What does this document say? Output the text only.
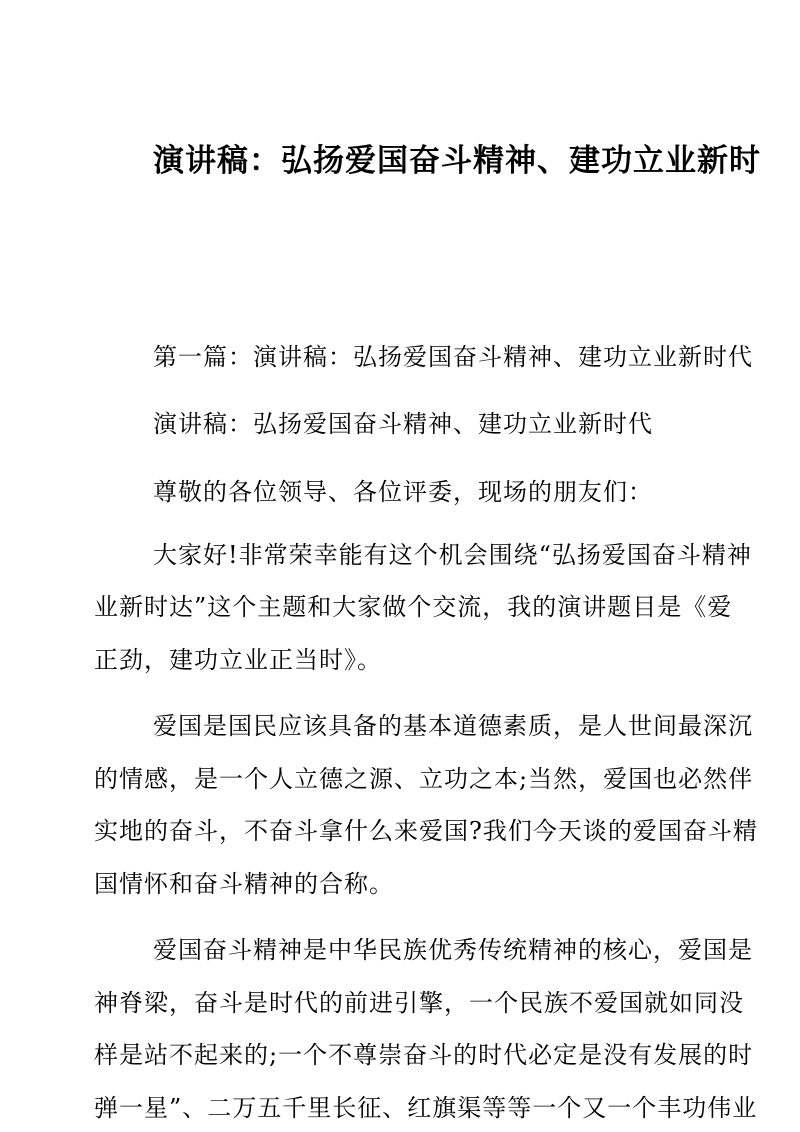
演讲稿：弘扬爱国奋斗精神、建功立业新时
第一篇：演讲稿：弘扬爱国奋斗精神、建功立业新时代
演讲稿：弘扬爱国奋斗精神、建功立业新时代
尊敬的各位领导、各位评委，现场的朋友们：
大家好!非常荣幸能有这个机会围绕“弘扬爱国奋斗精神
业新时达”这个主题和大家做个交流，我的演讲题目是《爱
正劲，建功立业正当时》。
爱国是国民应该具备的基本道德素质，是人世间最深沉
的情感，是一个人立德之源、立功之本;当然，爱国也必然伴
实地的奋斗，不奋斗拿什么来爱国?我们今天谈的爱国奋斗精
国情怀和奋斗精神的合称。
爱国奋斗精神是中华民族优秀传统精神的核心，爱国是
神脊梁，奋斗是时代的前进引擎，一个民族不爱国就如同没
样是站不起来的;一个不尊崇奋斗的时代必定是没有发展的时
弹一星”、二万五千里长征、红旗渠等等一个又一个丰功伟业
